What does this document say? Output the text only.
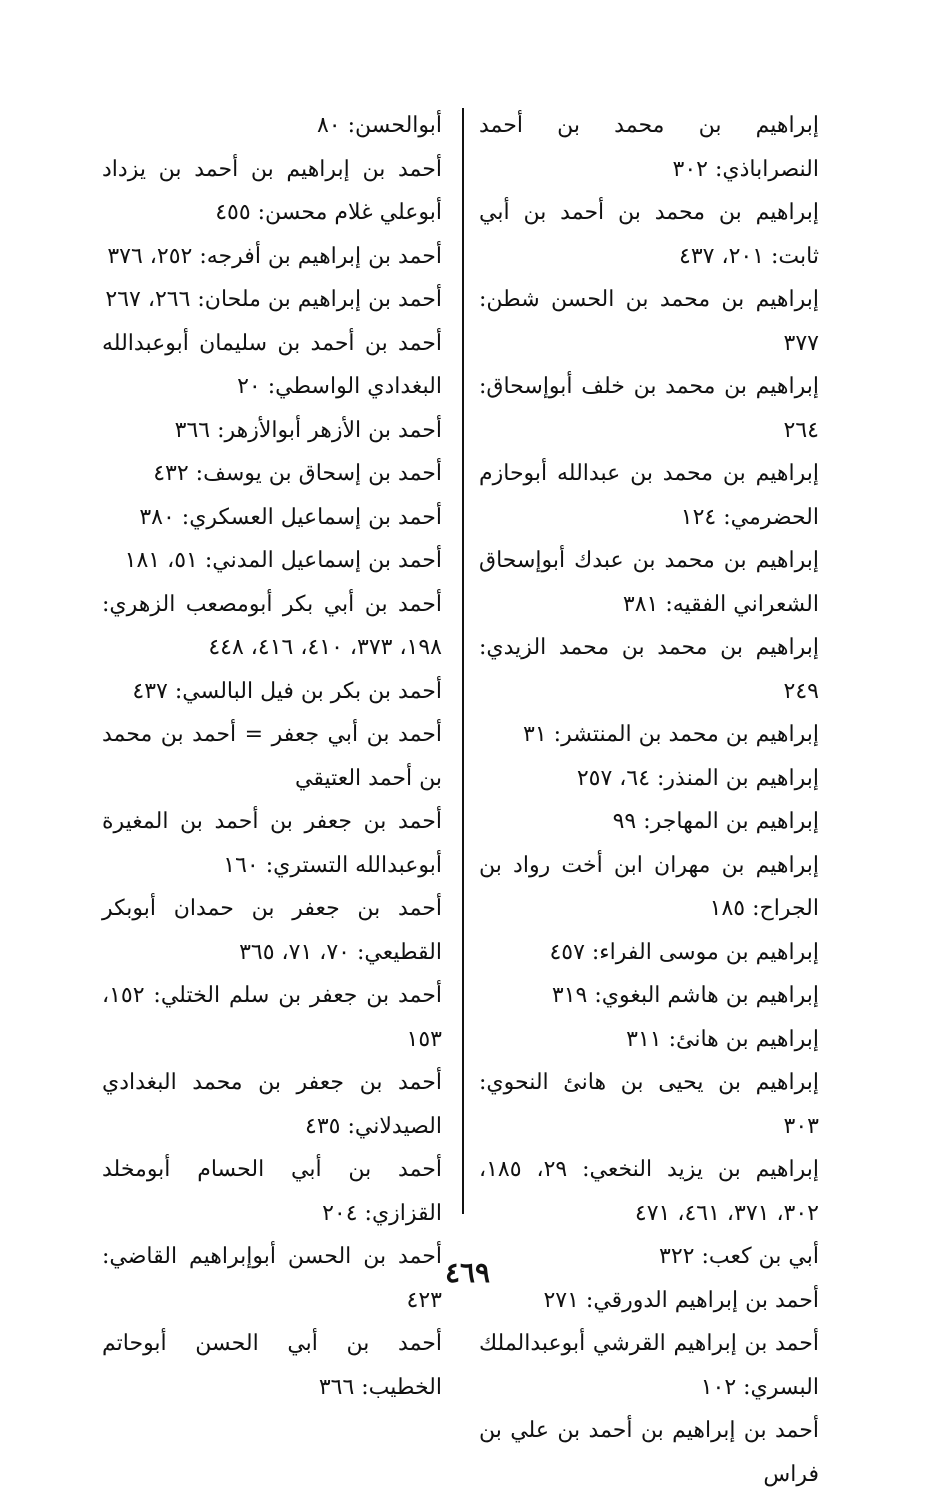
إبراهيم بن محمد بن أحمد النصراباذي: ٣٠٢

إبراهيم بن محمد بن أحمد بن أبي ثابت: ٢٠١، ٤٣٧

إبراهيم بن محمد بن الحسن شطن: ٣٧٧

إبراهيم بن محمد بن خلف أبوإسحاق: ٢٦٤

إبراهيم بن محمد بن عبدالله أبوحازم الحضرمي: ١٢٤

إبراهيم بن محمد بن عبدك أبوإسحاق الشعراني الفقيه: ٣٨١

إبراهيم بن محمد بن محمد الزيدي: ٢٤٩

إبراهيم بن محمد بن المنتشر: ٣١

إبراهيم بن المنذر: ٦٤، ٢٥٧

إبراهيم بن المهاجر: ٩٩

إبراهيم بن مهران ابن أخت رواد بن الجراح: ١٨٥

إبراهيم بن موسى الفراء: ٤٥٧

إبراهيم بن هاشم البغوي: ٣١٩

إبراهيم بن هانئ: ٣١١

إبراهيم بن يحيى بن هانئ النحوي: ٣٠٣

إبراهيم بن يزيد النخعي: ٢٩، ١٨٥، ٣٠٢، ٣٧١، ٤٦١، ٤٧١

أبي بن كعب: ٣٢٢

أحمد بن إبراهيم الدورقي: ٢٧١

أحمد بن إبراهيم القرشي أبوعبدالملك البسري: ١٠٢

أحمد بن إبراهيم بن أحمد بن علي بن فراس

أبوالحسن: ٨٠

أحمد بن إبراهيم بن أحمد بن يزداد أبوعلي غلام محسن: ٤٥٥

أحمد بن إبراهيم بن أفرجه: ٢٥٢، ٣٧٦

أحمد بن إبراهيم بن ملحان: ٢٦٦، ٢٦٧

أحمد بن أحمد بن سليمان أبوعبدالله البغدادي الواسطي: ٢٠

أحمد بن الأزهر أبوالأزهر: ٣٦٦

أحمد بن إسحاق بن يوسف: ٤٣٢

أحمد بن إسماعيل العسكري: ٣٨٠

أحمد بن إسماعيل المدني: ٥١، ١٨١

أحمد بن أبي بكر أبومصعب الزهري: ١٩٨، ٣٧٣، ٤١٠، ٤١٦، ٤٤٨

أحمد بن بكر بن فيل البالسي: ٤٣٧

أحمد بن أبي جعفر = أحمد بن محمد بن أحمد العتيقي

أحمد بن جعفر بن أحمد بن المغيرة أبوعبدالله التستري: ١٦٠

أحمد بن جعفر بن حمدان أبوبكر القطيعي: ٧٠، ٧١، ٣٦٥

أحمد بن جعفر بن سلم الختلي: ١٥٢، ١٥٣

أحمد بن جعفر بن محمد البغدادي الصيدلاني: ٤٣٥

أحمد بن أبي الحسام أبومخلد القزازي: ٢٠٤

أحمد بن الحسن أبوإبراهيم القاضي: ٤٢٣

أحمد بن أبي الحسن أبوحاتم الخطيب: ٣٦٦

٤٦٩
